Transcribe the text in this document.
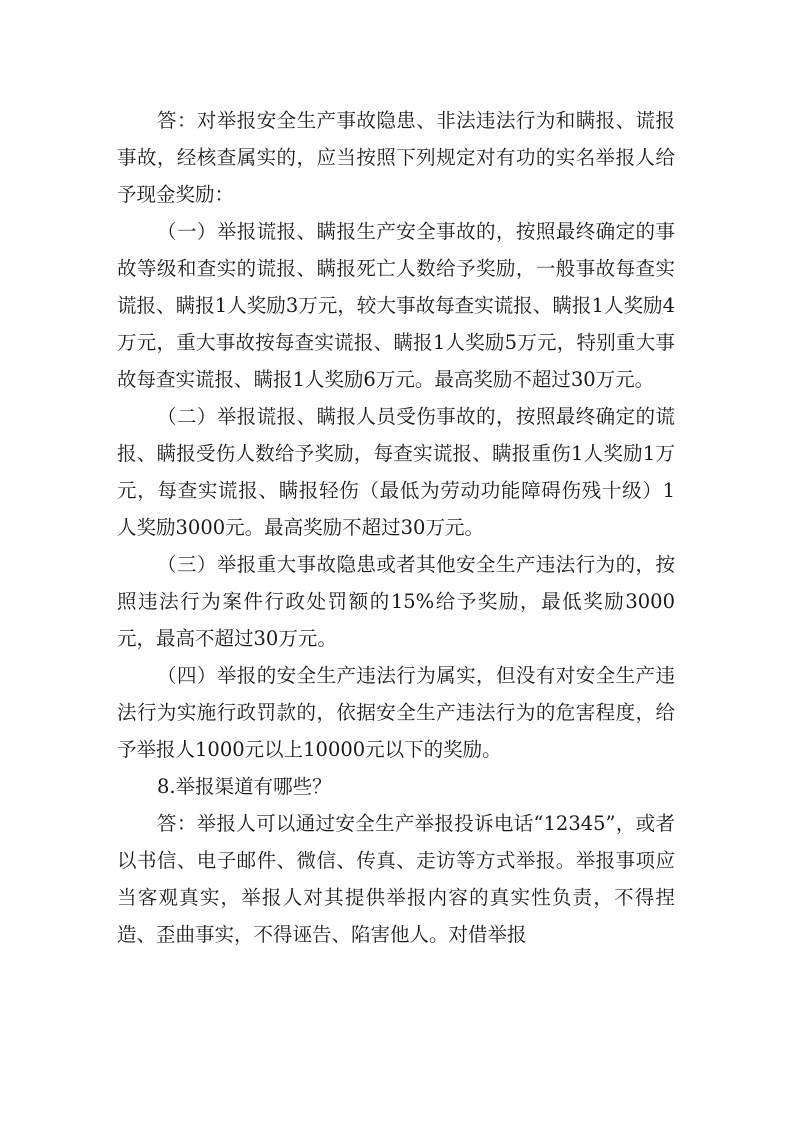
答：对举报安全生产事故隐患、非法违法行为和瞒报、谎报事故，经核查属实的，应当按照下列规定对有功的实名举报人给予现金奖励：

（一）举报谎报、瞒报生产安全事故的，按照最终确定的事故等级和查实的谎报、瞒报死亡人数给予奖励，一般事故每查实谎报、瞒报1人奖励3万元，较大事故每查实谎报、瞒报1人奖励4万元，重大事故按每查实谎报、瞒报1人奖励5万元，特别重大事故每查实谎报、瞒报1人奖励6万元。最高奖励不超过30万元。

（二）举报谎报、瞒报人员受伤事故的，按照最终确定的谎报、瞒报受伤人数给予奖励，每查实谎报、瞒报重伤1人奖励1万元，每查实谎报、瞒报轻伤（最低为劳动功能障碍伤残十级）1人奖励3000元。最高奖励不超过30万元。

（三）举报重大事故隐患或者其他安全生产违法行为的，按照违法行为案件行政处罚额的15%给予奖励，最低奖励3000元，最高不超过30万元。

（四）举报的安全生产违法行为属实，但没有对安全生产违法行为实施行政罚款的，依据安全生产违法行为的危害程度，给予举报人1000元以上10000元以下的奖励。

8.举报渠道有哪些？

答：举报人可以通过安全生产举报投诉电话“12345”，或者以书信、电子邮件、微信、传真、走访等方式举报。举报事项应当客观真实，举报人对其提供举报内容的真实性负责，不得捏造、歪曲事实，不得诬告、陷害他人。对借举报
